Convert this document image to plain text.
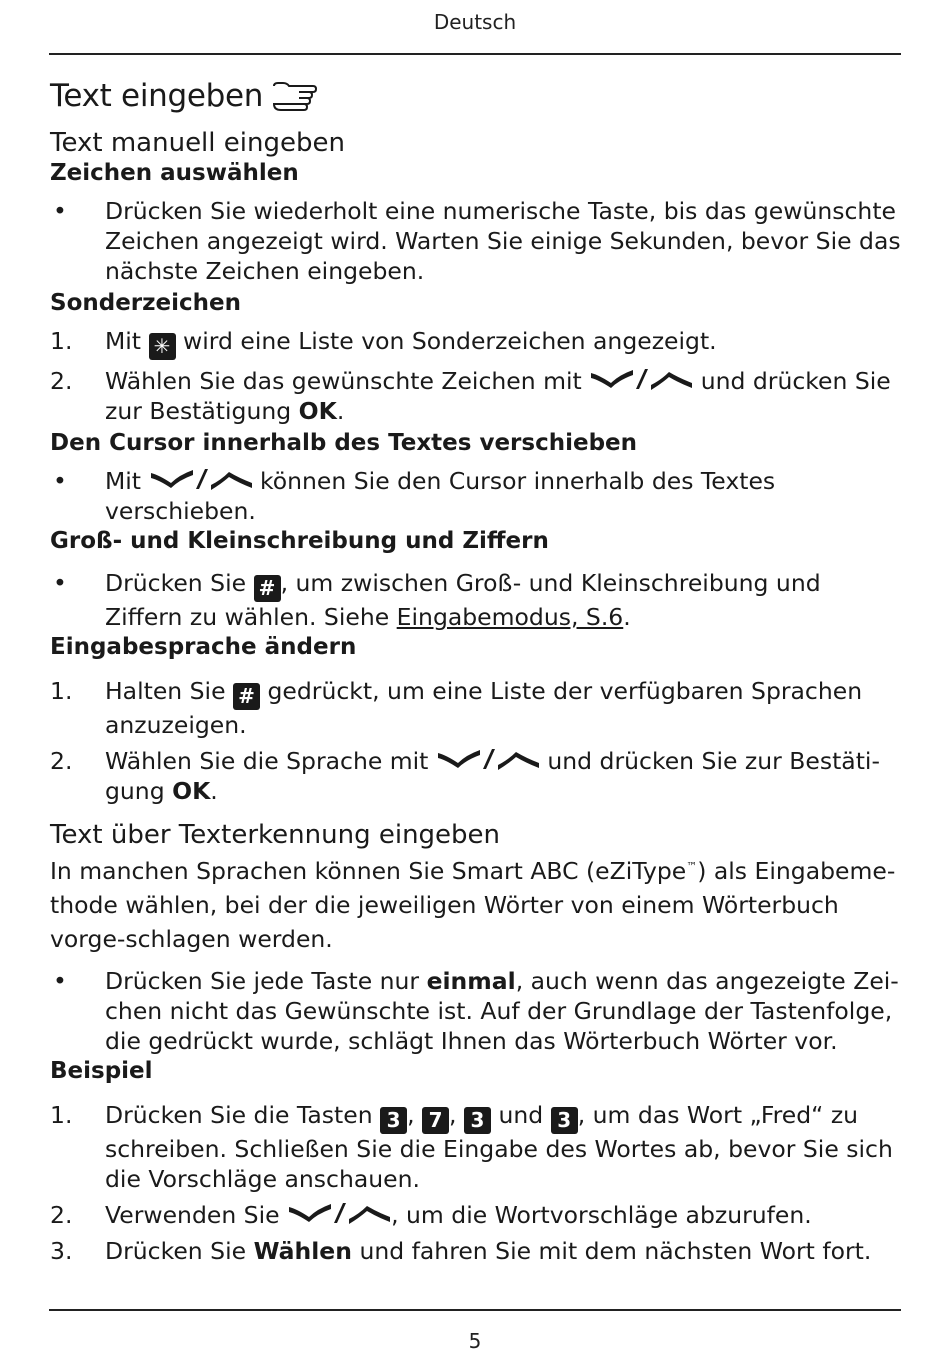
Deutsch
Text eingeben
Text manuell eingeben
Zeichen auswählen
• Drücken Sie wiederholt eine numerische Taste, bis das gewünschte Zeichen angezeigt wird. Warten Sie einige Sekunden, bevor Sie das nächste Zeichen eingeben.
Sonderzeichen
1. Mit ✳ wird eine Liste von Sonderzeichen angezeigt.
2. Wählen Sie das gewünschte Zeichen mit	und drücken Sie zur Bestätigung OK.
Den Cursor innerhalb des Textes verschieben
• Mit	können Sie den Cursor innerhalb des Textes verschieben.
Groß- und Kleinschreibung und Ziffern
• Drücken Sie # , um zwischen Groß- und Kleinschreibung und Ziffern zu wählen. Siehe Eingabemodus, S.6.
Eingabesprache ändern
1. Halten Sie # gedrückt, um eine Liste der verfügbaren Sprachen anzuzeigen.
2. Wählen Sie die Sprache mit	und drücken Sie zur Bestäti-gung OK.
Text über Texterkennung eingeben
In manchen Sprachen können Sie Smart ABC (eZiType™) als Eingabeme-thode wählen, bei der die jeweiligen Wörter von einem Wörterbuch vorge-schlagen werden.
• Drücken Sie jede Taste nur einmal, auch wenn das angezeigte Zei-chen nicht das Gewünschte ist. Auf der Grundlage der Tastenfolge, die gedrückt wurde, schlägt Ihnen das Wörterbuch Wörter vor.
Beispiel
1. Drücken Sie die Tasten 3 , 7 , 3 und 3 , um das Wort „Fred“ zu schreiben. Schließen Sie die Eingabe des Wortes ab, bevor Sie sich die Vorschläge anschauen.
2. Verwenden Sie	, um die Wortvorschläge abzurufen.
3. Drücken Sie Wählen und fahren Sie mit dem nächsten Wort fort.
5
